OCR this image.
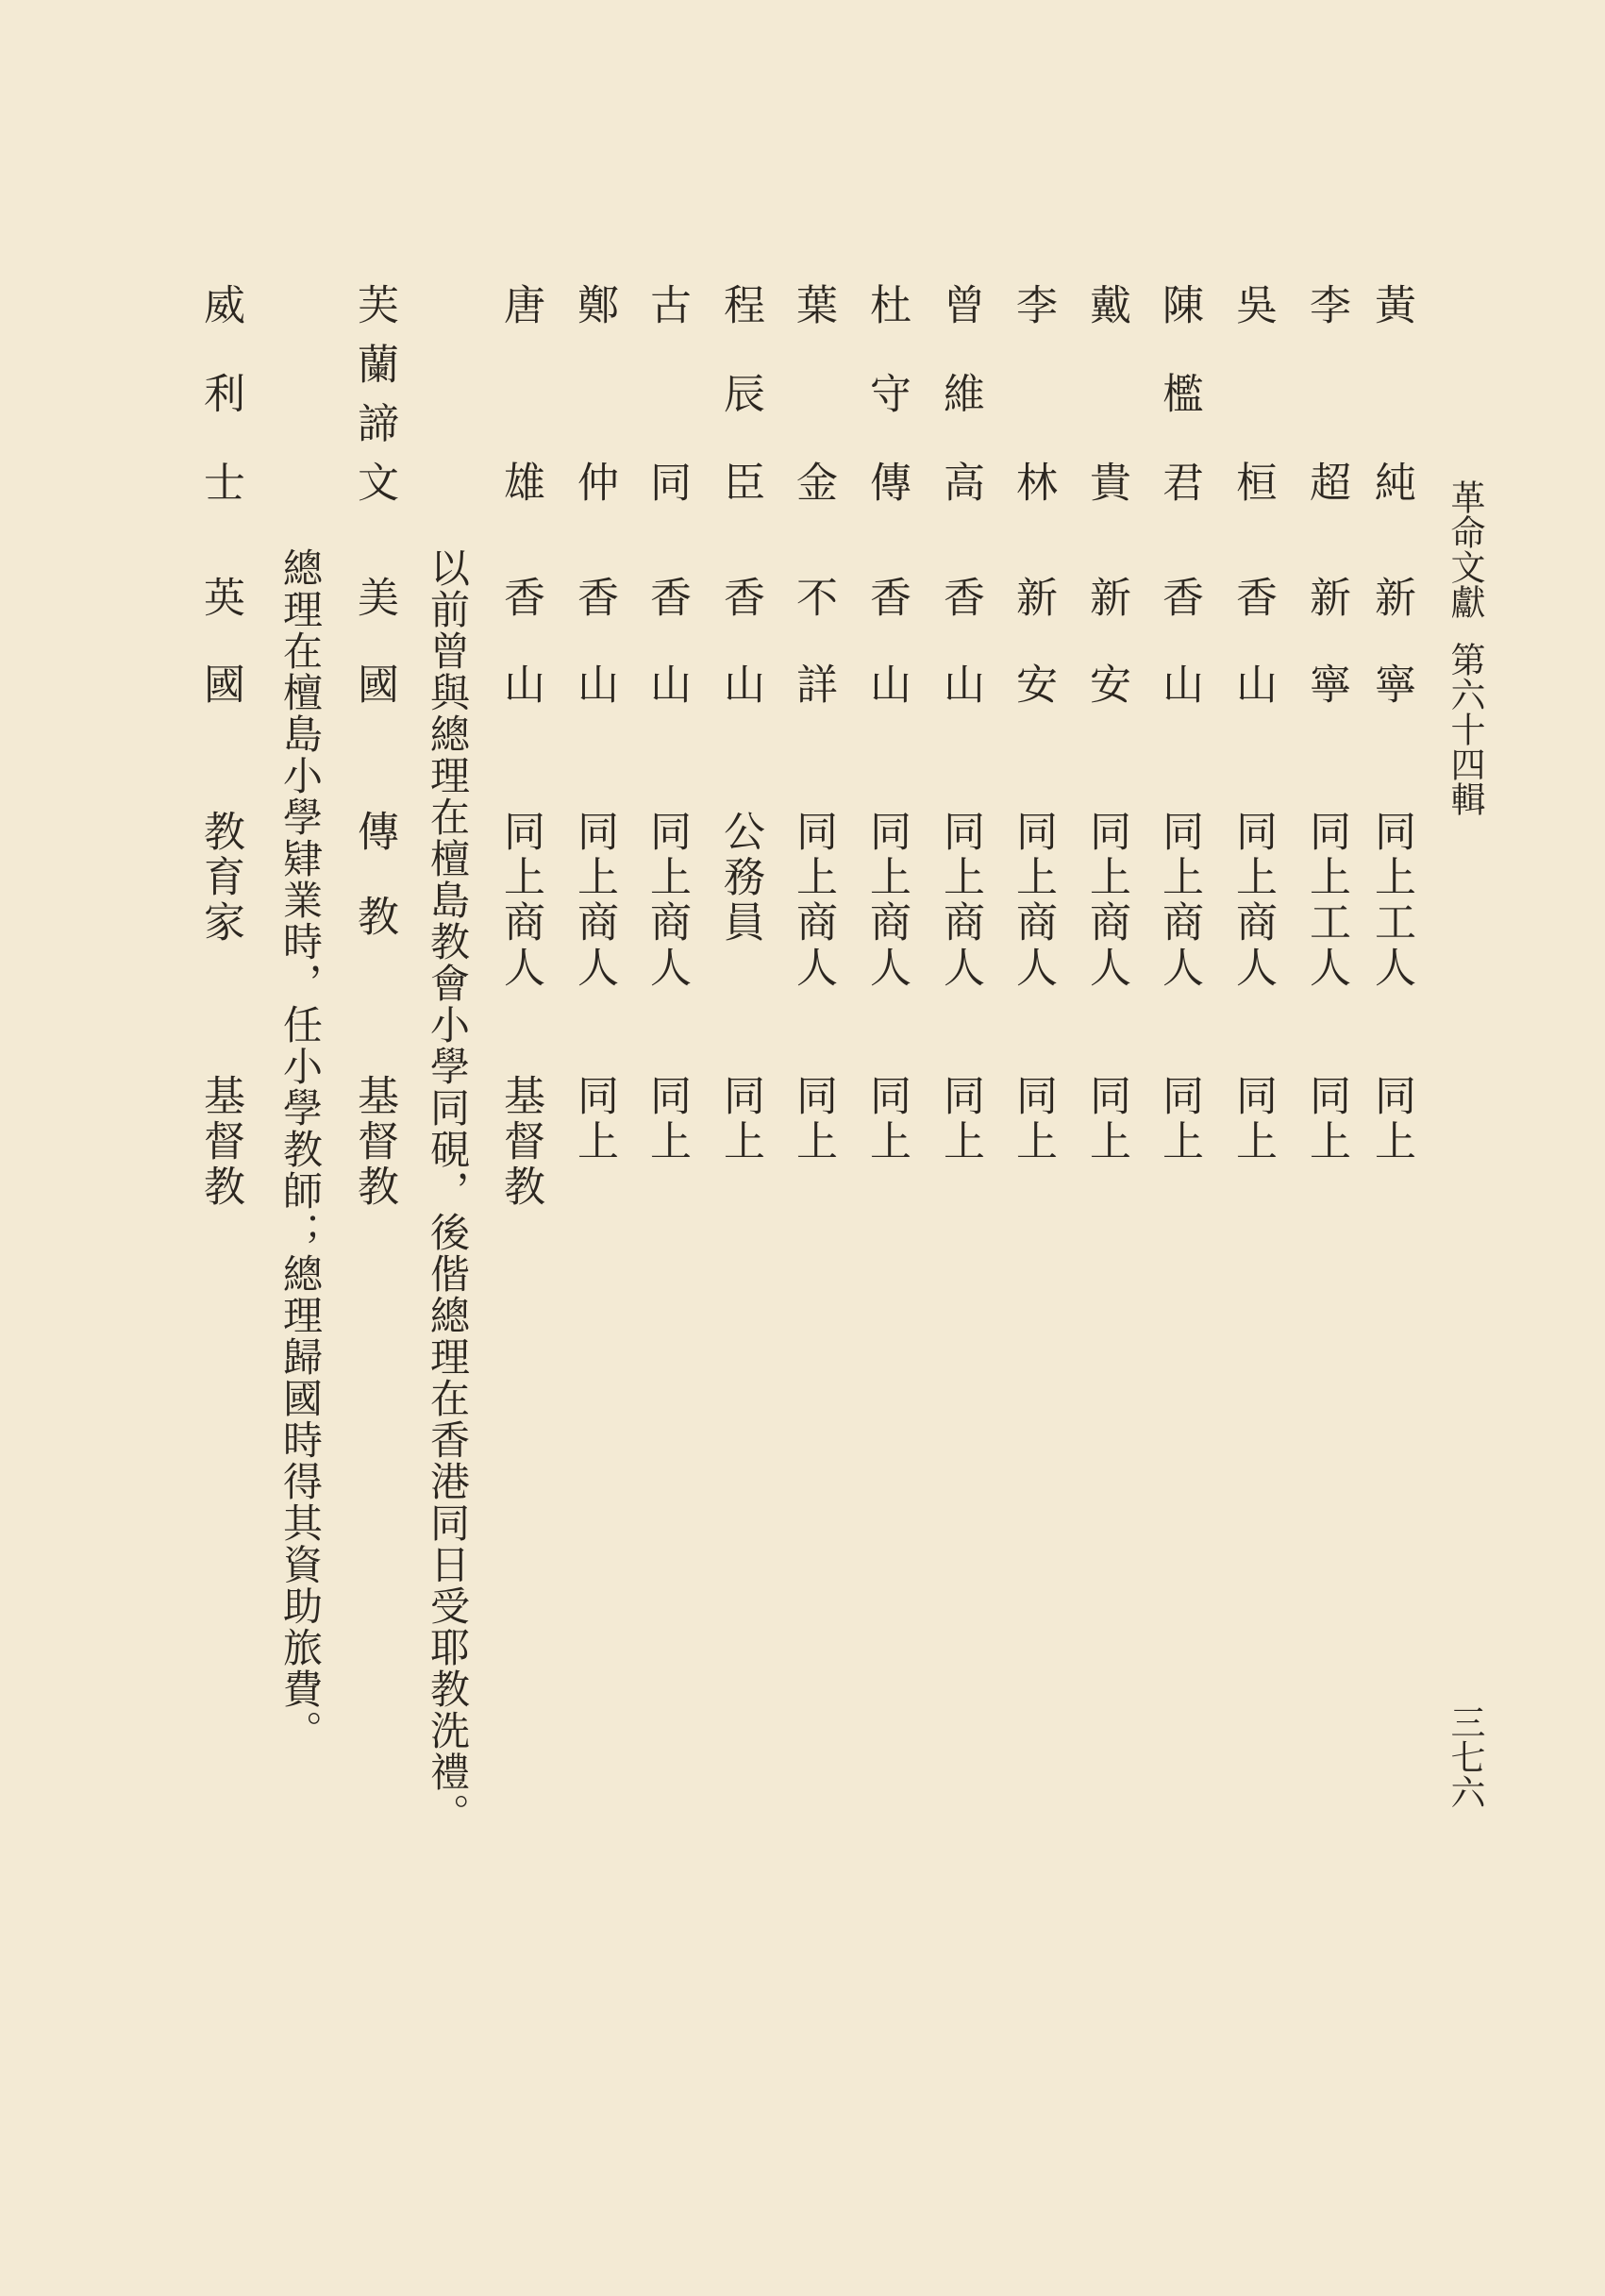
革命文獻第六十四輯
三七六
黃純
新寧
同上工人
同上
李超
新寧
同上工人
同上
吳桓
香山
同上商人
同上
陳檻君
香山
同上商人
同上
戴貴
新安
同上商人
同上
李林
新安
同上商人
同上
曾維高
香山
同上商人
同上
杜守傳
香山
同上商人
同上
葉金
不詳
同上商人
同上
程辰臣
香山
公務員
同上
古同
香山
同上商人
同上
鄭仲
香山
同上商人
同上
唐雄
香山
同上商人
基督教
以前曾與總理在檀島教會小學同硯，後偕總理在香港同日受耶教洗禮。
芙蘭諦文
美國
傳教
基督教
總理在檀島小學肄業時，任小學教師；總理歸國時得其資助旅費。
威利士
英國
教育家
基督教
